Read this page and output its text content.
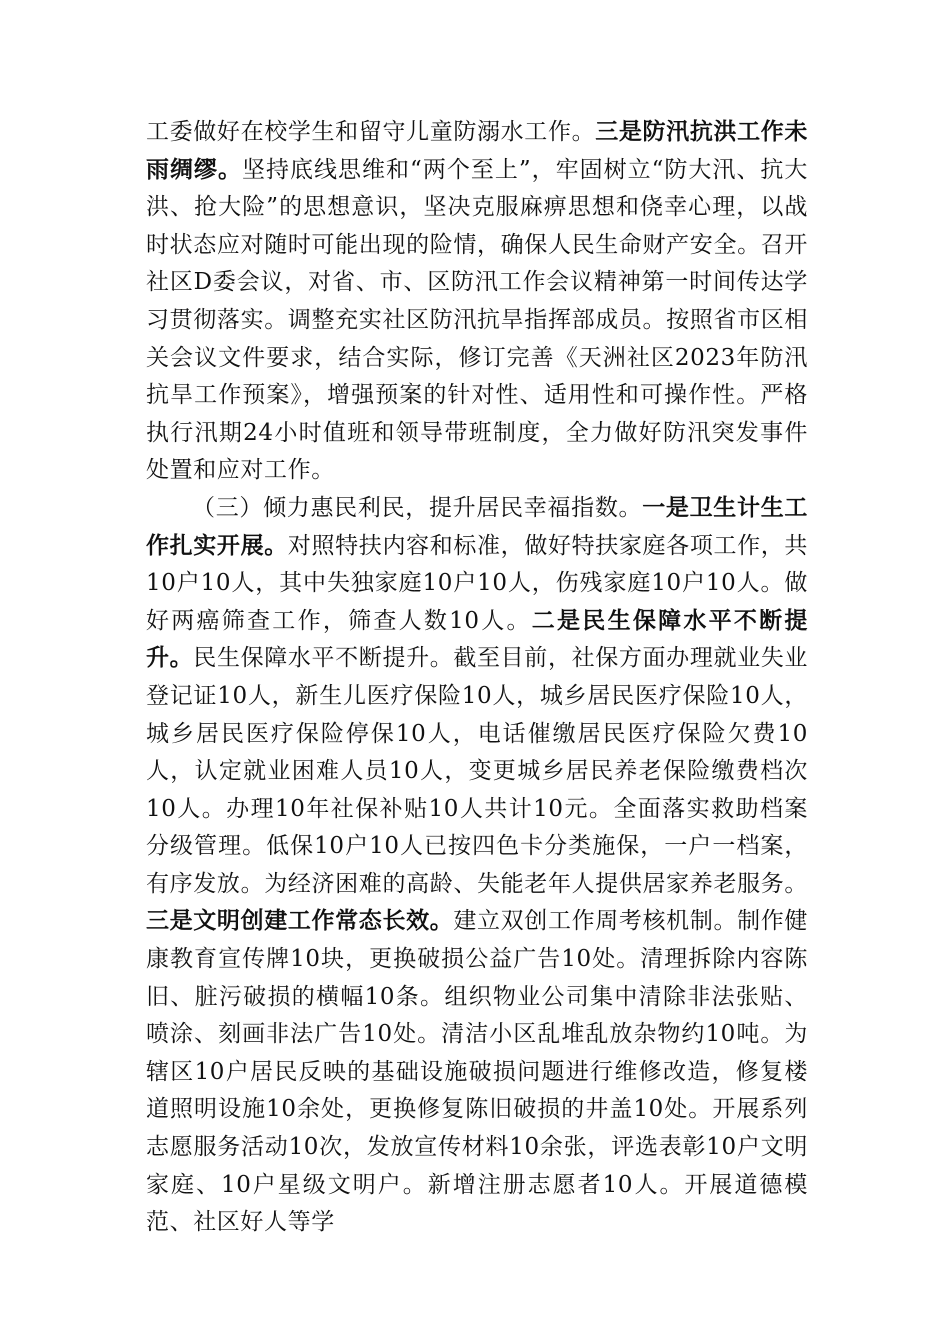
工委做好在校学生和留守儿童防溺水工作。三是防汛抗洪工作未雨绸缪。坚持底线思维和“两个至上”，牢固树立“防大汛、抗大洪、抢大险”的思想意识，坚决克服麻痹思想和侥幸心理，以战时状态应对随时可能出现的险情，确保人民生命财产安全。召开社区D委会议，对省、市、区防汛工作会议精神第一时间传达学习贯彻落实。调整充实社区防汛抗旱指挥部成员。按照省市区相关会议文件要求，结合实际，修订完善《天洲社区2023年防汛抗旱工作预案》，增强预案的针对性、适用性和可操作性。严格执行汛期24小时值班和领导带班制度，全力做好防汛突发事件处置和应对工作。

（三）倾力惠民利民，提升居民幸福指数。一是卫生计生工作扎实开展。对照特扶内容和标准，做好特扶家庭各项工作，共10户10人，其中失独家庭10户10人，伤残家庭10户10人。做好两癌筛查工作，筛查人数10人。二是民生保障水平不断提升。民生保障水平不断提升。截至目前，社保方面办理就业失业登记证10人，新生儿医疗保险10人，城乡居民医疗保险10人，城乡居民医疗保险停保10人，电话催缴居民医疗保险欠费10人，认定就业困难人员10人，变更城乡居民养老保险缴费档次10人。办理10年社保补贴10人共计10元。全面落实救助档案分级管理。低保10户10人已按四色卡分类施保，一户一档案，有序发放。为经济困难的高龄、失能老年人提供居家养老服务。三是文明创建工作常态长效。建立双创工作周考核机制。制作健康教育宣传牌10块，更换破损公益广告10处。清理拆除内容陈旧、脏污破损的横幅10条。组织物业公司集中清除非法张贴、喷涂、刻画非法广告10处。清洁小区乱堆乱放杂物约10吨。为辖区10户居民反映的基础设施破损问题进行维修改造，修复楼道照明设施10余处，更换修复陈旧破损的井盖10处。开展系列志愿服务活动10次，发放宣传材料10余张，评选表彰10户文明家庭、10户星级文明户。新增注册志愿者10人。开展道德模范、社区好人等学
